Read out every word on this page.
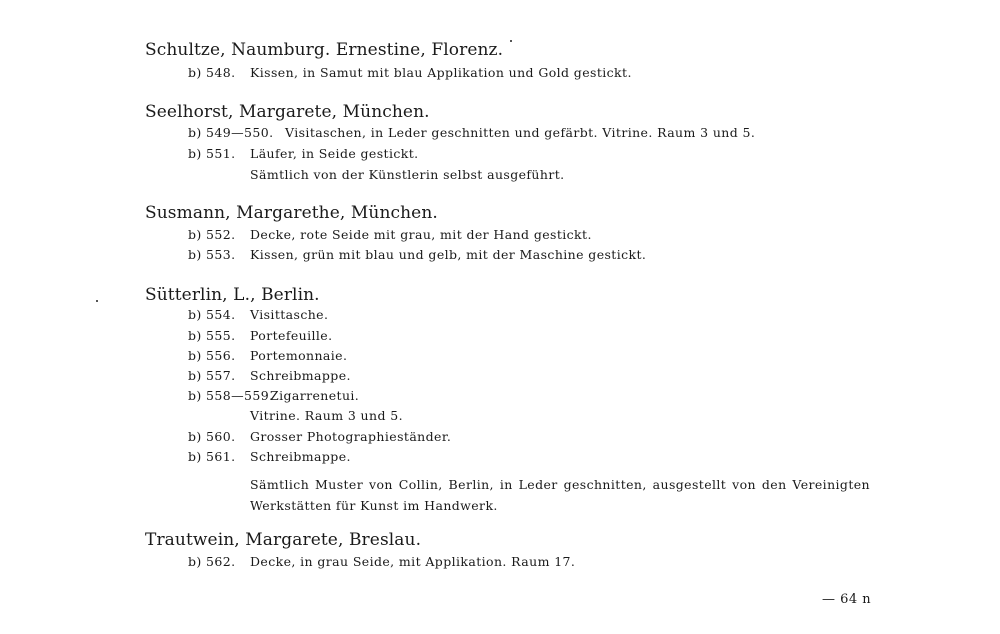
Schultze, Naumburg. Ernestine, Florenz.
b) 548. Kissen, in Samut mit blau Applikation und Gold gestickt.
Seelhorst, Margarete, München.
b) 549—550. Visitaschen, in Leder geschnitten und gefärbt. Vitrine. Raum 3 und 5.
b) 551. Läufer, in Seide gestickt.
Sämtlich von der Künstlerin selbst ausgeführt.
Susmann, Margarethe, München.
b) 552. Decke, rote Seide mit grau, mit der Hand gestickt.
b) 553. Kissen, grün mit blau und gelb, mit der Maschine gestickt.
Sütterlin, L., Berlin.
b) 554. Visittasche.
b) 555. Portefeuille.
b) 556. Portemonnaie.
b) 557. Schreibmappe.
b) 558—559.Zigarrenetui.
Vitrine. Raum 3 und 5.
b) 560. Grosser Photographieständer.
b) 561. Schreibmappe.
Sämtlich Muster von Collin, Berlin, in Leder geschnitten, ausgestellt von den Vereinigten Werkstätten für Kunst im Handwerk.
Trautwein, Margarete, Breslau.
b) 562. Decke, in grau Seide, mit Applikation. Raum 17.
— 64 n
